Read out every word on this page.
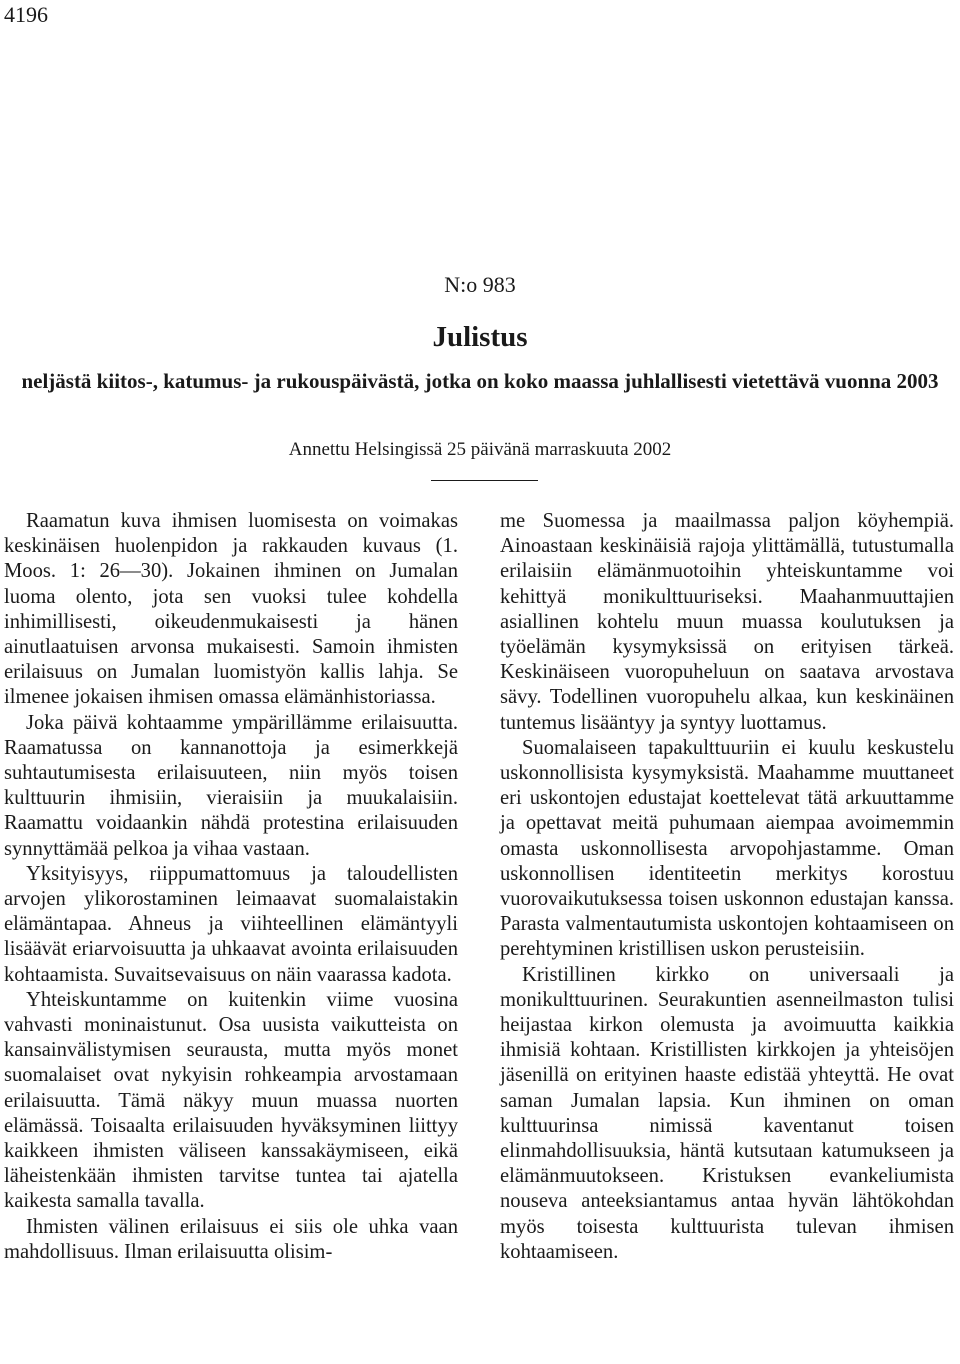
4196
N:o 983
Julistus
neljästä kiitos-, katumus- ja rukouspäivästä, jotka on koko maassa juhlallisesti vietettävä vuonna 2003
Annettu Helsingissä 25 päivänä marraskuuta 2002

Raamatun kuva ihmisen luomisesta on voimakas keskinäisen huolenpidon ja rakkauden kuvaus (1. Moos. 1: 26—30). Jokainen ihminen on Jumalan luoma olento, jota sen vuoksi tulee kohdella inhimillisesti, oikeudenmukaisesti ja hänen ainutlaatuisen arvonsa mukaisesti. Samoin ihmisten erilaisuus on Jumalan luomistyön kallis lahja. Se ilmenee jokaisen ihmisen omassa elämänhistoriassa.

Joka päivä kohtaamme ympärillämme erilaisuutta. Raamatussa on kannanottoja ja esimerkkejä suhtautumisesta erilaisuuteen, niin myös toisen kulttuurin ihmisiin, vieraisiin ja muukalaisiin. Raamattu voidaankin nähdä protestina erilaisuuden synnyttämää pelkoa ja vihaa vastaan.

Yksityisyys, riippumattomuus ja taloudellisten arvojen ylikorostaminen leimaavat suomalaistakin elämäntapaa. Ahneus ja viihteellinen elämäntyyli lisäävät eriarvoisuutta ja uhkaavat avointa erilaisuuden kohtaamista. Suvaitsevaisuus on näin vaarassa kadota.

Yhteiskuntamme on kuitenkin viime vuosina vahvasti moninaistunut. Osa uusista vaikutteista on kansainvälistymisen seurausta, mutta myös monet suomalaiset ovat nykyisin rohkeampia arvostamaan erilaisuutta. Tämä näkyy muun muassa nuorten elämässä. Toisaalta erilaisuuden hyväksyminen liittyy kaikkeen ihmisten väliseen kanssakäymiseen, eikä läheistenkään ihmisten tarvitse tuntea tai ajatella kaikesta samalla tavalla.

Ihmisten välinen erilaisuus ei siis ole uhka vaan mahdollisuus. Ilman erilaisuutta olisim-

me Suomessa ja maailmassa paljon köyhempiä. Ainoastaan keskinäisiä rajoja ylittämällä, tutustumalla erilaisiin elämänmuotoihin yhteiskuntamme voi kehittyä monikulttuuriseksi. Maahanmuuttajien asiallinen kohtelu muun muassa koulutuksen ja työelämän kysymyksissä on erityisen tärkeä. Keskinäiseen vuoropuheluun on saatava arvostava sävy. Todellinen vuoropuhelu alkaa, kun keskinäinen tuntemus lisääntyy ja syntyy luottamus.

Suomalaiseen tapakulttuuriin ei kuulu keskustelu uskonnollisista kysymyksistä. Maahamme muuttaneet eri uskontojen edustajat koettelevat tätä arkuuttamme ja opettavat meitä puhumaan aiempaa avoimemmin omasta uskonnollisesta arvopohjastamme. Oman uskonnollisen identiteetin merkitys korostuu vuorovaikutuksessa toisen uskonnon edustajan kanssa. Parasta valmentautumista uskontojen kohtaamiseen on perehtyminen kristillisen uskon perusteisiin.

Kristillinen kirkko on universaali ja monikulttuurinen. Seurakuntien asenneilmaston tulisi heijastaa kirkon olemusta ja avoimuutta kaikkia ihmisiä kohtaan. Kristillisten kirkkojen ja yhteisöjen jäsenillä on erityinen haaste edistää yhteyttä. He ovat saman Jumalan lapsia. Kun ihminen on oman kulttuurinsa nimissä kaventanut toisen elinmahdollisuuksia, häntä kutsutaan katumukseen ja elämänmuutokseen. Kristuksen evankeliumista nouseva anteeksiantamus antaa hyvän lähtökohdan myös toisesta kulttuurista tulevan ihmisen kohtaamiseen.
